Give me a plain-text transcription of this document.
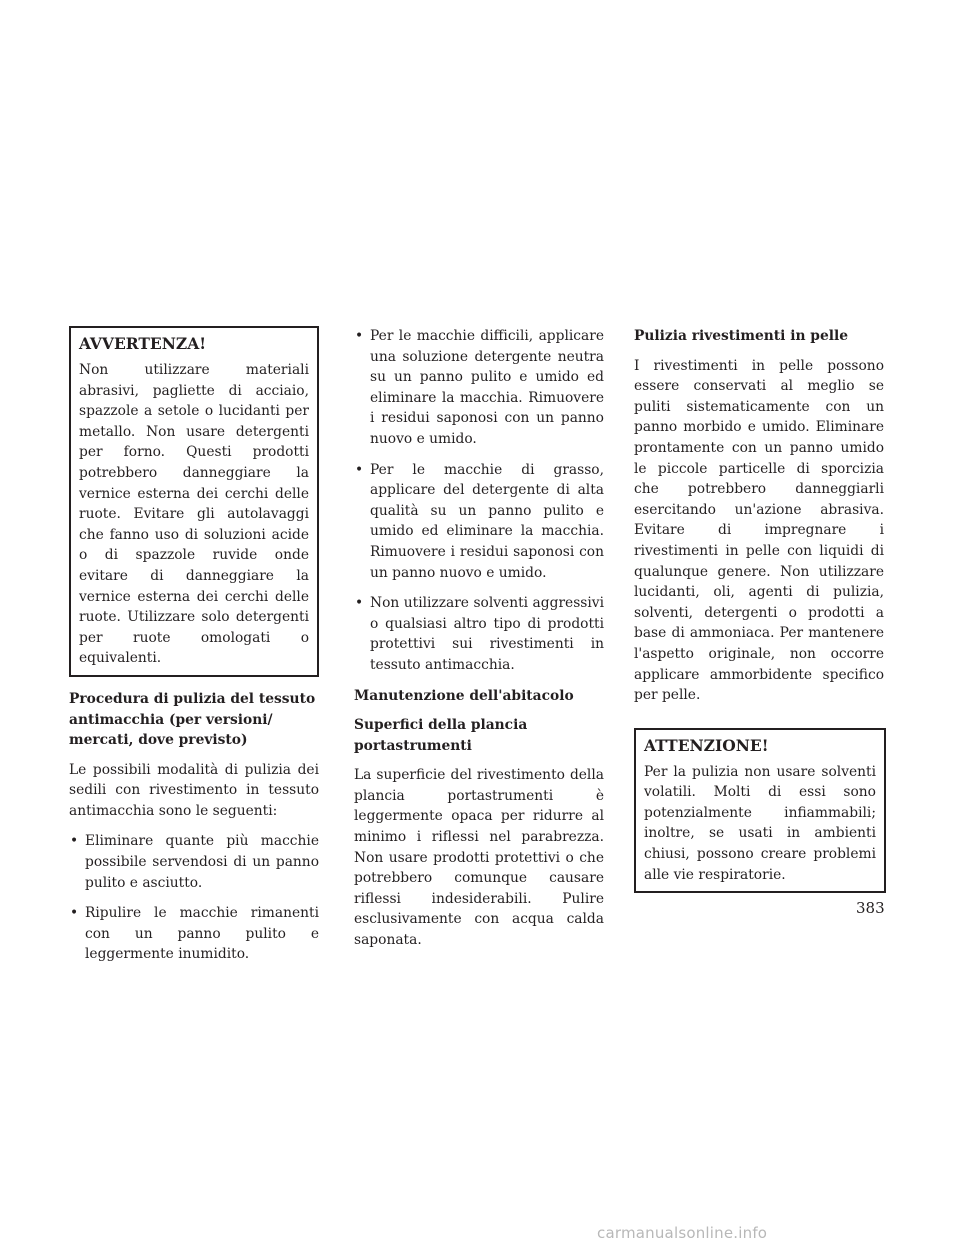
AVVERTENZA!

Non utilizzare materiali abrasivi, pagliette di acciaio, spazzole a setole o lucidanti per metallo. Non usare detergenti per forno. Questi prodotti potrebbero danneggiare la vernice esterna dei cerchi delle ruote. Evitare gli autolavaggi che fanno uso di soluzioni acide o di spazzole ruvide onde evitare di danneggiare la vernice esterna dei cerchi delle ruote. Utilizzare solo detergenti per ruote omologati o equivalenti.

Procedura di pulizia del tessuto antimacchia (per versioni/ mercati, dove previsto)

Le possibili modalità di pulizia dei sedili con rivestimento in tessuto antimacchia sono le seguenti:

• Eliminare quante più macchie possibile servendosi di un panno pulito e asciutto.
• Ripulire le macchie rimanenti con un panno pulito e leggermente inumidito.
• Per le macchie difficili, applicare una soluzione detergente neutra su un panno pulito e umido ed eliminare la macchia. Rimuovere i residui saponosi con un panno nuovo e umido.
• Per le macchie di grasso, applicare del detergente di alta qualità su un panno pulito e umido ed eliminare la macchia. Rimuovere i residui saponosi con un panno nuovo e umido.
• Non utilizzare solventi aggressivi o qualsiasi altro tipo di prodotti protettivi sui rivestimenti in tessuto antimacchia.
Manutenzione dell'abitacolo
Superfici della plancia portastrumenti

La superficie del rivestimento della plancia portastrumenti è leggermente opaca per ridurre al minimo i riflessi nel parabrezza. Non usare prodotti protettivi o che potrebbero comunque causare riflessi indesiderabili. Pulire esclusivamente con acqua calda saponata.

Pulizia rivestimenti in pelle

I rivestimenti in pelle possono essere conservati al meglio se puliti sistematicamente con un panno morbido e umido. Eliminare prontamente con un panno umido le piccole particelle di sporcizia che potrebbero danneggiarli esercitando un'azione abrasiva. Evitare di impregnare i rivestimenti in pelle con liquidi di qualunque genere. Non utilizzare lucidanti, oli, agenti di pulizia, solventi, detergenti o prodotti a base di ammoniaca. Per mantenere l'aspetto originale, non occorre applicare ammorbidente specifico per pelle.

ATTENZIONE!

Per la pulizia non usare solventi volatili. Molti di essi sono potenzialmente infiammabili; inoltre, se usati in ambienti chiusi, possono creare problemi alle vie respiratorie.

383
carmanualsonline.info
